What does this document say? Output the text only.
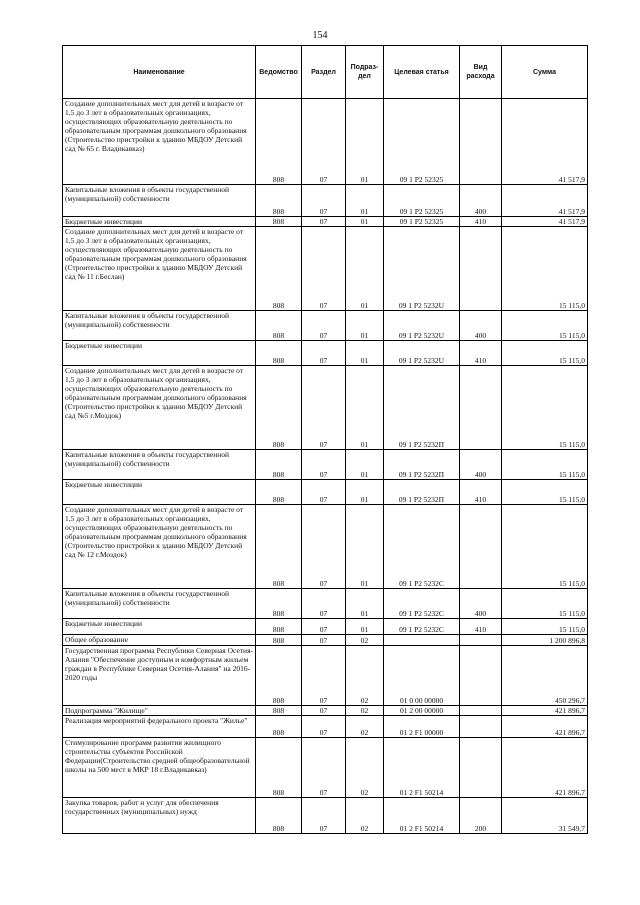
154
Наименование	Ведомство	Раздел	Подраз-дел	Целевая статья	Вид расхода	Сумма
Создание дополнительных мест для детей в возрасте от 1,5 до 3 лет в образовательных организациях, осуществляющих образовательную деятельность по образовательным программам дошкольного образования (Строительство пристройки к зданию МБДОУ Детский сад № 65 г. Владикавказ)	808	07	01	09 1 P2 52325		41 517,9
Капитальные вложения в объекты государственной (муниципальной) собственности	808	07	01	09 1 P2 52325	400	41 517,9
Бюджетные инвестиции	808	07	01	09 1 P2 52325	410	41 517,9
Создание дополнительных мест для детей в возрасте от 1,5 до 3 лет в образовательных организациях, осуществляющих образовательную деятельность по образовательным программам дошкольного образования (Строительство пристройки к зданию МБДОУ Детский сад № 11 г.Беслан)	808	07	01	09 1 P2 5232U		15 115,0
Капитальные вложения в объекты государственной (муниципальной) собственности	808	07	01	09 1 P2 5232U	400	15 115,0
Бюджетные инвестиции	808	07	01	09 1 P2 5232U	410	15 115,0
Создание дополнительных мест для детей в возрасте от 1,5 до 3 лет в образовательных организациях, осуществляющих образовательную деятельность по образовательным программам дошкольного образования (Строительство пристройки к зданию МБДОУ Детский сад №5 г.Моздок)	808	07	01	09 1 P2 5232П		15 115,0
Капитальные вложения в объекты государственной (муниципальной) собственности	808	07	01	09 1 P2 5232П	400	15 115,0
Бюджетные инвестиции	808	07	01	09 1 P2 5232П	410	15 115,0
Создание дополнительных мест для детей в возрасте от 1,5 до 3 лет в образовательных организациях, осуществляющих образовательную деятельность по образовательным программам дошкольного образования (Строительство пристройки к зданию МБДОУ Детский сад № 12 г.Моздок)	808	07	01	09 1 P2 5232C		15 115,0
Капитальные вложения в объекты государственной (муниципальной) собственности	808	07	01	09 1 P2 5232C	400	15 115,0
Бюджетные инвестиции	808	07	01	09 1 P2 5232C	410	15 115,0
Общее образование	808	07	02			1 200 896,8
Государственная программа Республики Северная Осетия-Алания "Обеспечение доступным и комфортным жильем граждан в Республике Северная Осетия-Алания" на 2016-2020 годы	808	07	02	01 0 00 00000		450 296,7
Подпрограмма "Жилище"	808	07	02	01 2 00 00000		421 896,7
Реализация мероприятий федерального проекта "Жилье"	808	07	02	01 2 F1 00000		421 896,7
Стимулирование программ развития жилищного строительства субъектов Российской Федерации(Строительство средней общеобразовательной школы на 500 мест в МКР 18 г.Владикавказ)	808	07	02	01 2 F1 50214		421 896,7
Закупка товаров, работ и услуг для обеспечения государственных (муниципальных) нужд	808	07	02	01 2 F1 50214	200	31 549,7
